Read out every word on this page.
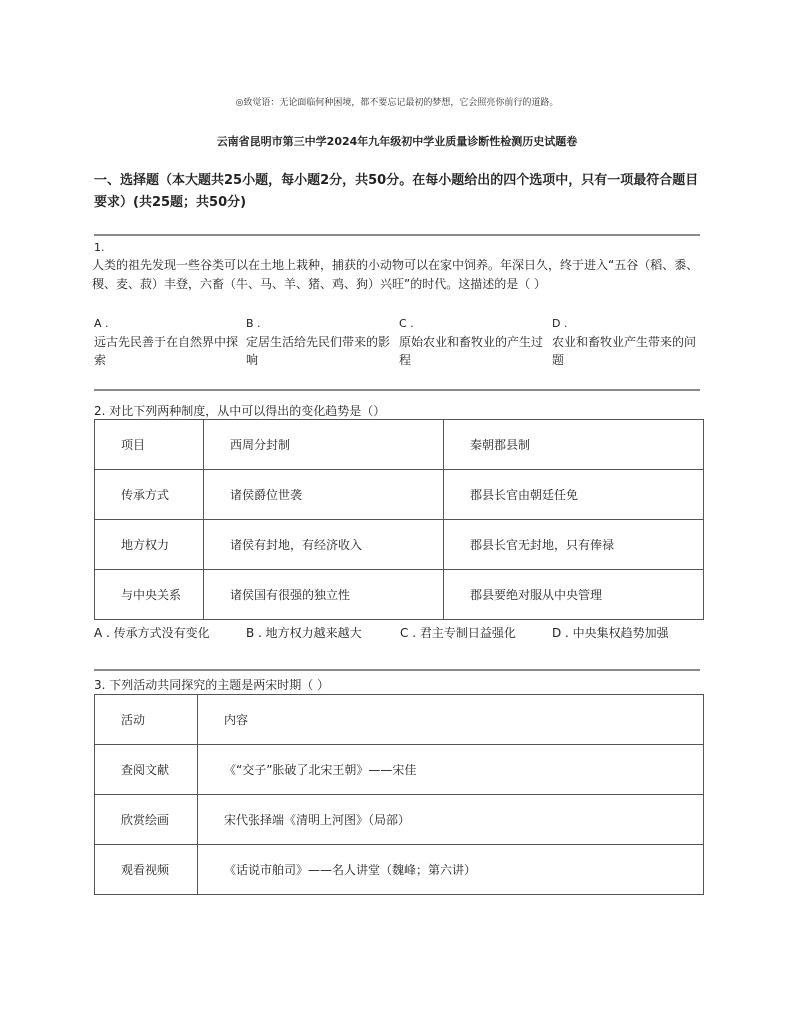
◎致觉语：无论面临何种困境，都不要忘记最初的梦想，它会照亮你前行的道路。
云南省昆明市第三中学2024年九年级初中学业质量诊断性检测历史试题卷
一、选择题（本大题共25小题，每小题2分，共50分。在每小题给出的四个选项中，只有一项最符合题目要求）(共25题；共50分)
1.
人类的祖先发现一些谷类可以在土地上栽种，捕获的小动物可以在家中饲养。年深日久，终于进入“五谷（稻、黍、稷、麦、菽）丰登，六畜（牛、马、羊、猪、鸡、狗）兴旺”的时代。这描述的是（ ）
A .
远古先民善于在自然界中探索
B .
定居生活给先民们带来的影响
C .
原始农业和畜牧业的产生过程
D .
农业和畜牧业产生带来的问题
2. 对比下列两种制度，从中可以得出的变化趋势是（）
项目	西周分封制	秦朝郡县制
传承方式	诸侯爵位世袭	郡县长官由朝廷任免
地方权力	诸侯有封地，有经济收入	郡县长官无封地，只有俸禄
与中央关系	诸侯国有很强的独立性	郡县要绝对服从中央管理
A . 传承方式没有变化	B . 地方权力越来越大	C . 君主专制日益强化	D . 中央集权趋势加强
3. 下列活动共同探究的主题是两宋时期（ ）
活动	内容
查阅文献	《“交子”胀破了北宋王朝》——宋佳
欣赏绘画	宋代张择端《清明上河图》（局部）
观看视频	《话说市舶司》——名人讲堂（魏峰；第六讲）
